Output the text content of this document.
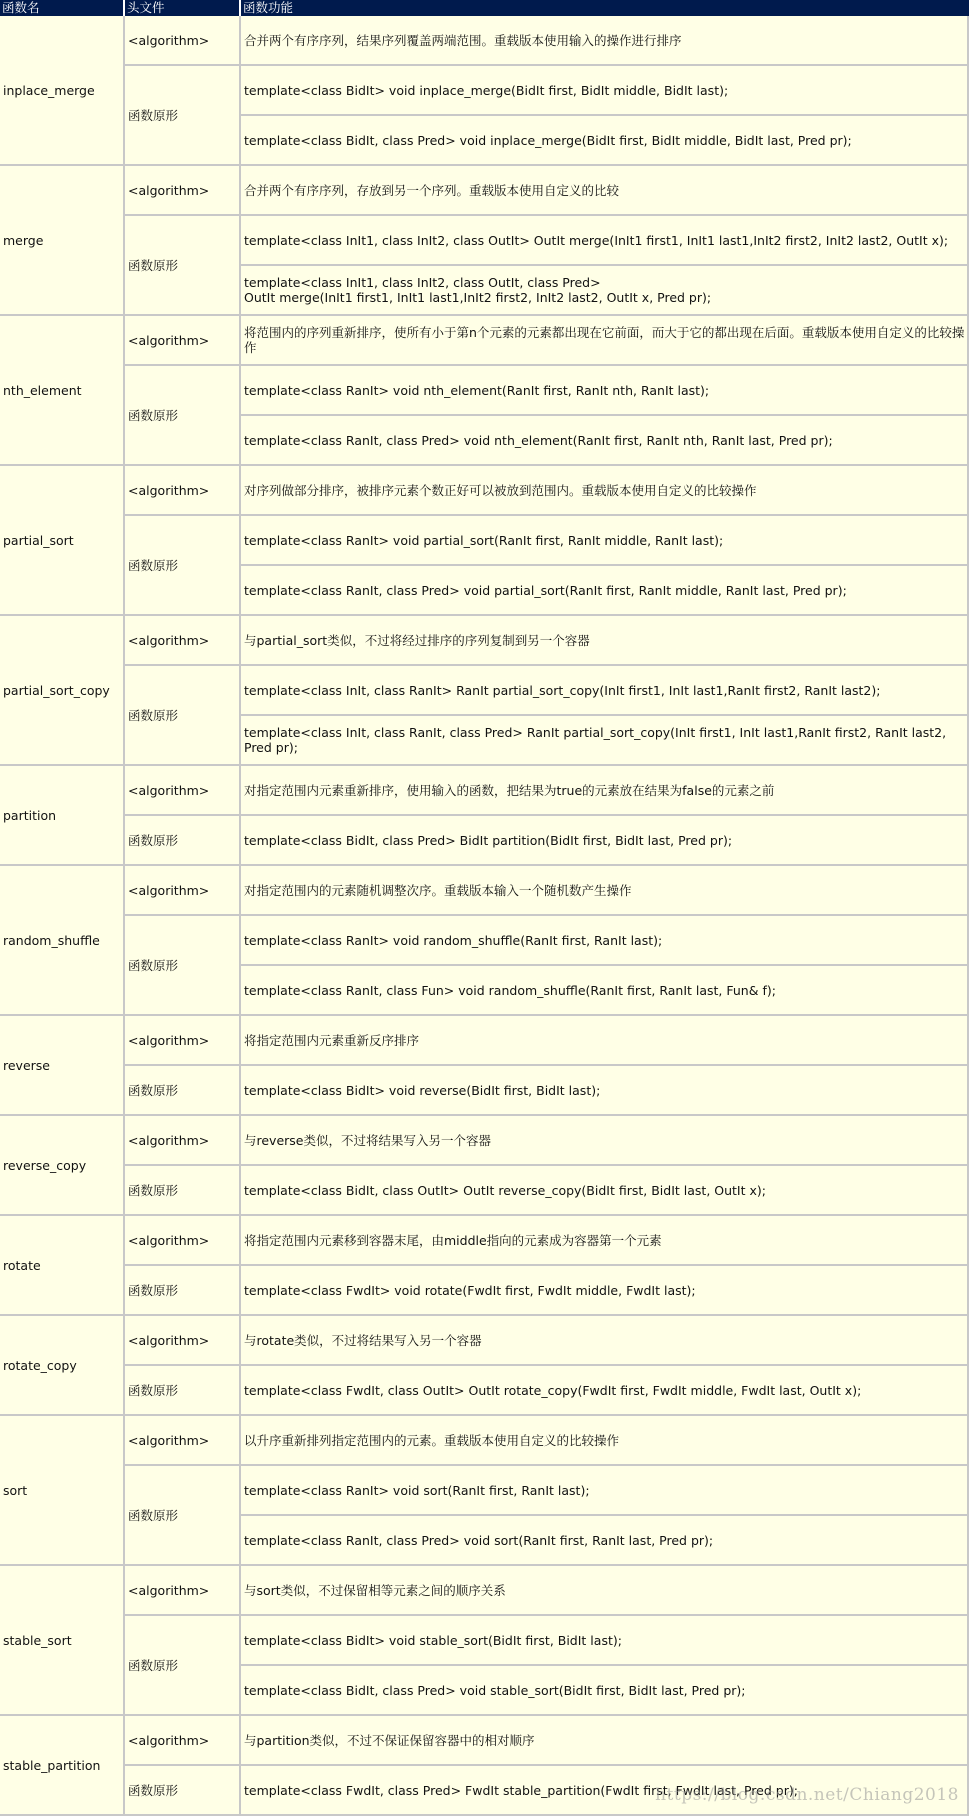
函数名	头文件	函数功能
inplace_merge	<algorithm>	合并两个有序序列，结果序列覆盖两端范围。重载版本使用输入的操作进行排序
	函数原形	template<class BidIt> void inplace_merge(BidIt first, BidIt middle, BidIt last);
		template<class BidIt, class Pred> void inplace_merge(BidIt first, BidIt middle, BidIt last, Pred pr);
merge	<algorithm>	合并两个有序序列，存放到另一个序列。重载版本使用自定义的比较
	函数原形	template<class InIt1, class InIt2, class OutIt> OutIt merge(InIt1 first1, InIt1 last1,InIt2 first2, InIt2 last2, OutIt x);
		template<class InIt1, class InIt2, class OutIt, class Pred>
OutIt merge(InIt1 first1, InIt1 last1,InIt2 first2, InIt2 last2, OutIt x, Pred pr);
nth_element	<algorithm>	将范围内的序列重新排序，使所有小于第n个元素的元素都出现在它前面，而大于它的都出现在后面。重载版本使用自定义的比较操作
	函数原形	template<class RanIt> void nth_element(RanIt first, RanIt nth, RanIt last);
		template<class RanIt, class Pred> void nth_element(RanIt first, RanIt nth, RanIt last, Pred pr);
partial_sort	<algorithm>	对序列做部分排序，被排序元素个数正好可以被放到范围内。重载版本使用自定义的比较操作
	函数原形	template<class RanIt> void partial_sort(RanIt first, RanIt middle, RanIt last);
		template<class RanIt, class Pred> void partial_sort(RanIt first, RanIt middle, RanIt last, Pred pr);
partial_sort_copy	<algorithm>	与partial_sort类似，不过将经过排序的序列复制到另一个容器
	函数原形	template<class InIt, class RanIt> RanIt partial_sort_copy(InIt first1, InIt last1,RanIt first2, RanIt last2);
		template<class InIt, class RanIt, class Pred> RanIt partial_sort_copy(InIt first1, InIt last1,RanIt first2, RanIt last2, Pred pr);
partition	<algorithm>	对指定范围内元素重新排序，使用输入的函数，把结果为true的元素放在结果为false的元素之前
	函数原形	template<class BidIt, class Pred> BidIt partition(BidIt first, BidIt last, Pred pr);
random_shuffle	<algorithm>	对指定范围内的元素随机调整次序。重载版本输入一个随机数产生操作
	函数原形	template<class RanIt> void random_shuffle(RanIt first, RanIt last);
		template<class RanIt, class Fun> void random_shuffle(RanIt first, RanIt last, Fun& f);
reverse	<algorithm>	将指定范围内元素重新反序排序
	函数原形	template<class BidIt> void reverse(BidIt first, BidIt last);
reverse_copy	<algorithm>	与reverse类似，不过将结果写入另一个容器
	函数原形	template<class BidIt, class OutIt> OutIt reverse_copy(BidIt first, BidIt last, OutIt x);
rotate	<algorithm>	将指定范围内元素移到容器末尾，由middle指向的元素成为容器第一个元素
	函数原形	template<class FwdIt> void rotate(FwdIt first, FwdIt middle, FwdIt last);
rotate_copy	<algorithm>	与rotate类似，不过将结果写入另一个容器
	函数原形	template<class FwdIt, class OutIt> OutIt rotate_copy(FwdIt first, FwdIt middle, FwdIt last, OutIt x);
sort	<algorithm>	以升序重新排列指定范围内的元素。重载版本使用自定义的比较操作
	函数原形	template<class RanIt> void sort(RanIt first, RanIt last);
		template<class RanIt, class Pred> void sort(RanIt first, RanIt last, Pred pr);
stable_sort	<algorithm>	与sort类似，不过保留相等元素之间的顺序关系
	函数原形	template<class BidIt> void stable_sort(BidIt first, BidIt last);
		template<class BidIt, class Pred> void stable_sort(BidIt first, BidIt last, Pred pr);
stable_partition	<algorithm>	与partition类似，不过不保证保留容器中的相对顺序
	函数原形	template<class FwdIt, class Pred> FwdIt stable_partition(FwdIt first, FwdIt last, Pred pr);
https://blog.csdn.net/Chiang2018
